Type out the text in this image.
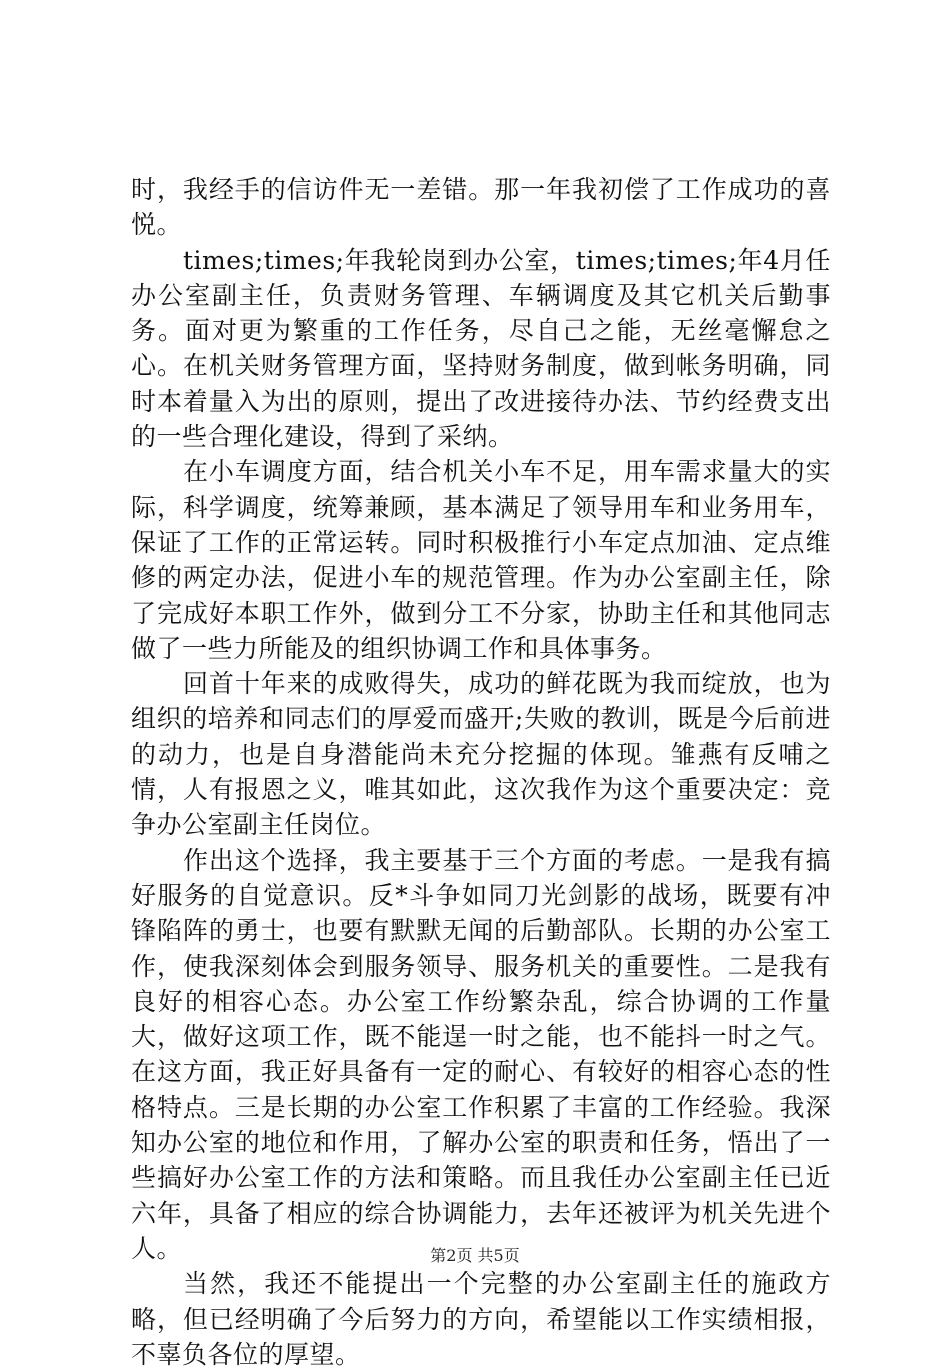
时，我经手的信访件无一差错。那一年我初偿了工作成功的喜悦。

times;times;年我轮岗到办公室，times;times;年4月任办公室副主任，负责财务管理、车辆调度及其它机关后勤事务。面对更为繁重的工作任务，尽自己之能，无丝毫懈怠之心。在机关财务管理方面，坚持财务制度，做到帐务明确，同时本着量入为出的原则，提出了改进接待办法、节约经费支出的一些合理化建设，得到了采纳。

在小车调度方面，结合机关小车不足，用车需求量大的实际，科学调度，统筹兼顾，基本满足了领导用车和业务用车，保证了工作的正常运转。同时积极推行小车定点加油、定点维修的两定办法，促进小车的规范管理。作为办公室副主任，除了完成好本职工作外，做到分工不分家，协助主任和其他同志做了一些力所能及的组织协调工作和具体事务。

回首十年来的成败得失，成功的鲜花既为我而绽放，也为组织的培养和同志们的厚爱而盛开;失败的教训，既是今后前进的动力，也是自身潜能尚未充分挖掘的体现。雏燕有反哺之情，人有报恩之义，唯其如此，这次我作为这个重要决定：竞争办公室副主任岗位。

作出这个选择，我主要基于三个方面的考虑。一是我有搞好服务的自觉意识。反*斗争如同刀光剑影的战场，既要有冲锋陷阵的勇士，也要有默默无闻的后勤部队。长期的办公室工作，使我深刻体会到服务领导、服务机关的重要性。二是我有良好的相容心态。办公室工作纷繁杂乱，综合协调的工作量大，做好这项工作，既不能逞一时之能，也不能抖一时之气。在这方面，我正好具备有一定的耐心、有较好的相容心态的性格特点。三是长期的办公室工作积累了丰富的工作经验。我深知办公室的地位和作用，了解办公室的职责和任务，悟出了一些搞好办公室工作的方法和策略。而且我任办公室副主任已近六年，具备了相应的综合协调能力，去年还被评为机关先进个人。

当然，我还不能提出一个完整的办公室副主任的施政方略，但已经明确了今后努力的方向，希望能以工作实绩相报，不辜负各位的厚望。

第2页 共5页
